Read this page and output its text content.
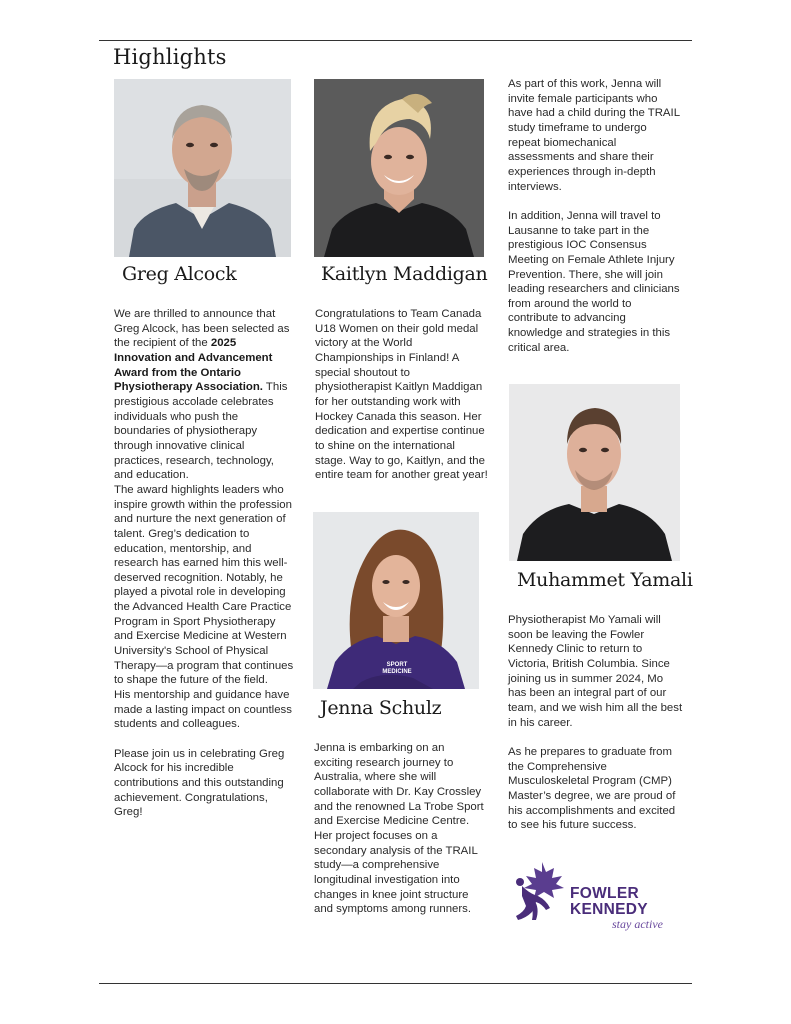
Highlights
SPORT MEDICINE
Greg Alcock	Kaitlyn Maddigan
Jenna Schulz
Muhammet Yamali

We are thrilled to announce that Greg Alcock, has been selected as the recipient of the 2025 Innovation and Advancement Award from the Ontario Physiotherapy Association. This prestigious accolade celebrates individuals who push the boundaries of physiotherapy through innovative clinical practices, research, technology, and education.

The award highlights leaders who inspire growth within the profession and nurture the next generation of talent. Greg’s dedication to education, mentorship, and research has earned him this well-deserved recognition. Notably, he played a pivotal role in developing the Advanced Health Care Practice Program in Sport Physiotherapy and Exercise Medicine at Western University's School of Physical Therapy—a program that continues to shape the future of the field.

His mentorship and guidance have made a lasting impact on countless students and colleagues.

Please join us in celebrating Greg Alcock for his incredible contributions and this outstanding achievement. Congratulations, Greg!

Congratulations to Team Canada U18 Women on their gold medal victory at the World Championships in Finland! A special shoutout to physiotherapist Kaitlyn Maddigan for her outstanding work with Hockey Canada this season. Her dedication and expertise continue to shine on the international stage. Way to go, Kaitlyn, and the entire team for another great year!

Jenna is embarking on an exciting research journey to Australia, where she will collaborate with Dr. Kay Crossley and the renowned La Trobe Sport and Exercise Medicine Centre. Her project focuses on a secondary analysis of the TRAIL study—a comprehensive longitudinal investigation into changes in knee joint structure and symptoms among runners.

As part of this work, Jenna will invite female participants who have had a child during the TRAIL study timeframe to undergo repeat biomechanical assessments and share their experiences through in-depth interviews.

In addition, Jenna will travel to Lausanne to take part in the prestigious IOC Consensus Meeting on Female Athlete Injury Prevention. There, she will join leading researchers and clinicians from around the world to contribute to advancing knowledge and strategies in this critical area.

Physiotherapist Mo Yamali will soon be leaving the Fowler Kennedy Clinic to return to Victoria, British Columbia. Since joining us in summer 2024, Mo has been an integral part of our team, and we wish him all the best in his career.

As he prepares to graduate from the Comprehensive Musculoskeletal Program (CMP) Master’s degree, we are proud of his accomplishments and excited to see his future success.

FOWLER
KENNEDY
stay active
